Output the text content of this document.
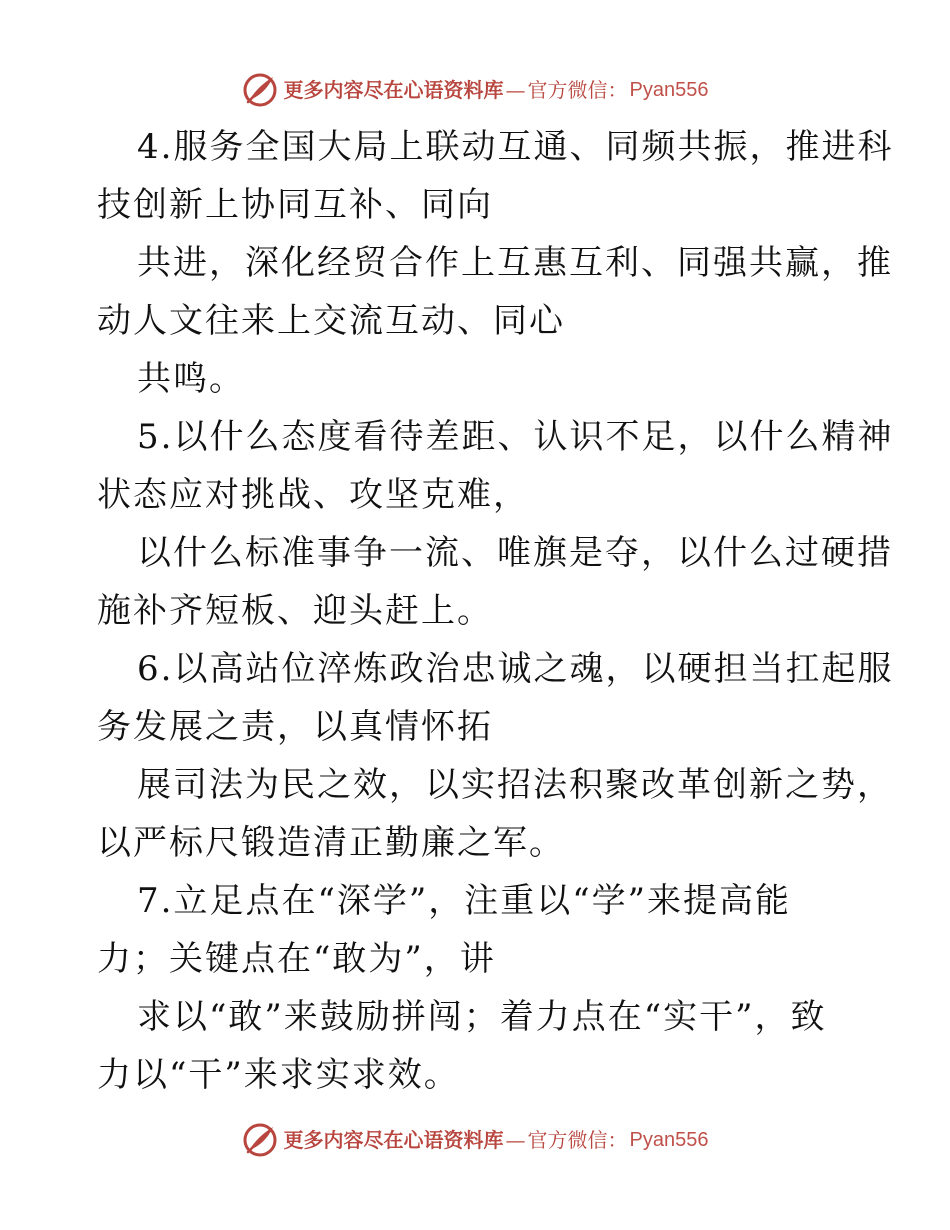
更多内容尽在心语资料库 — 官方微信： Pyan556
4.服务全国大局上联动互通、同频共振，推进科
技创新上协同互补、同向
共进，深化经贸合作上互惠互利、同强共赢，推
动人文往来上交流互动、同心
共鸣。
5.以什么态度看待差距、认识不足，以什么精神
状态应对挑战、攻坚克难，
以什么标准事争一流、唯旗是夺，以什么过硬措
施补齐短板、迎头赶上。
6.以高站位淬炼政治忠诚之魂，以硬担当扛起服
务发展之责，以真情怀拓
展司法为民之效，以实招法积聚改革创新之势，
以严标尺锻造清正勤廉之军。
7.立足点在“深学”，注重以“学”来提高能
力；关键点在“敢为”，讲
求以“敢”来鼓励拼闯；着力点在“实干”，致
力以“干”来求实求效。
更多内容尽在心语资料库 — 官方微信： Pyan556
